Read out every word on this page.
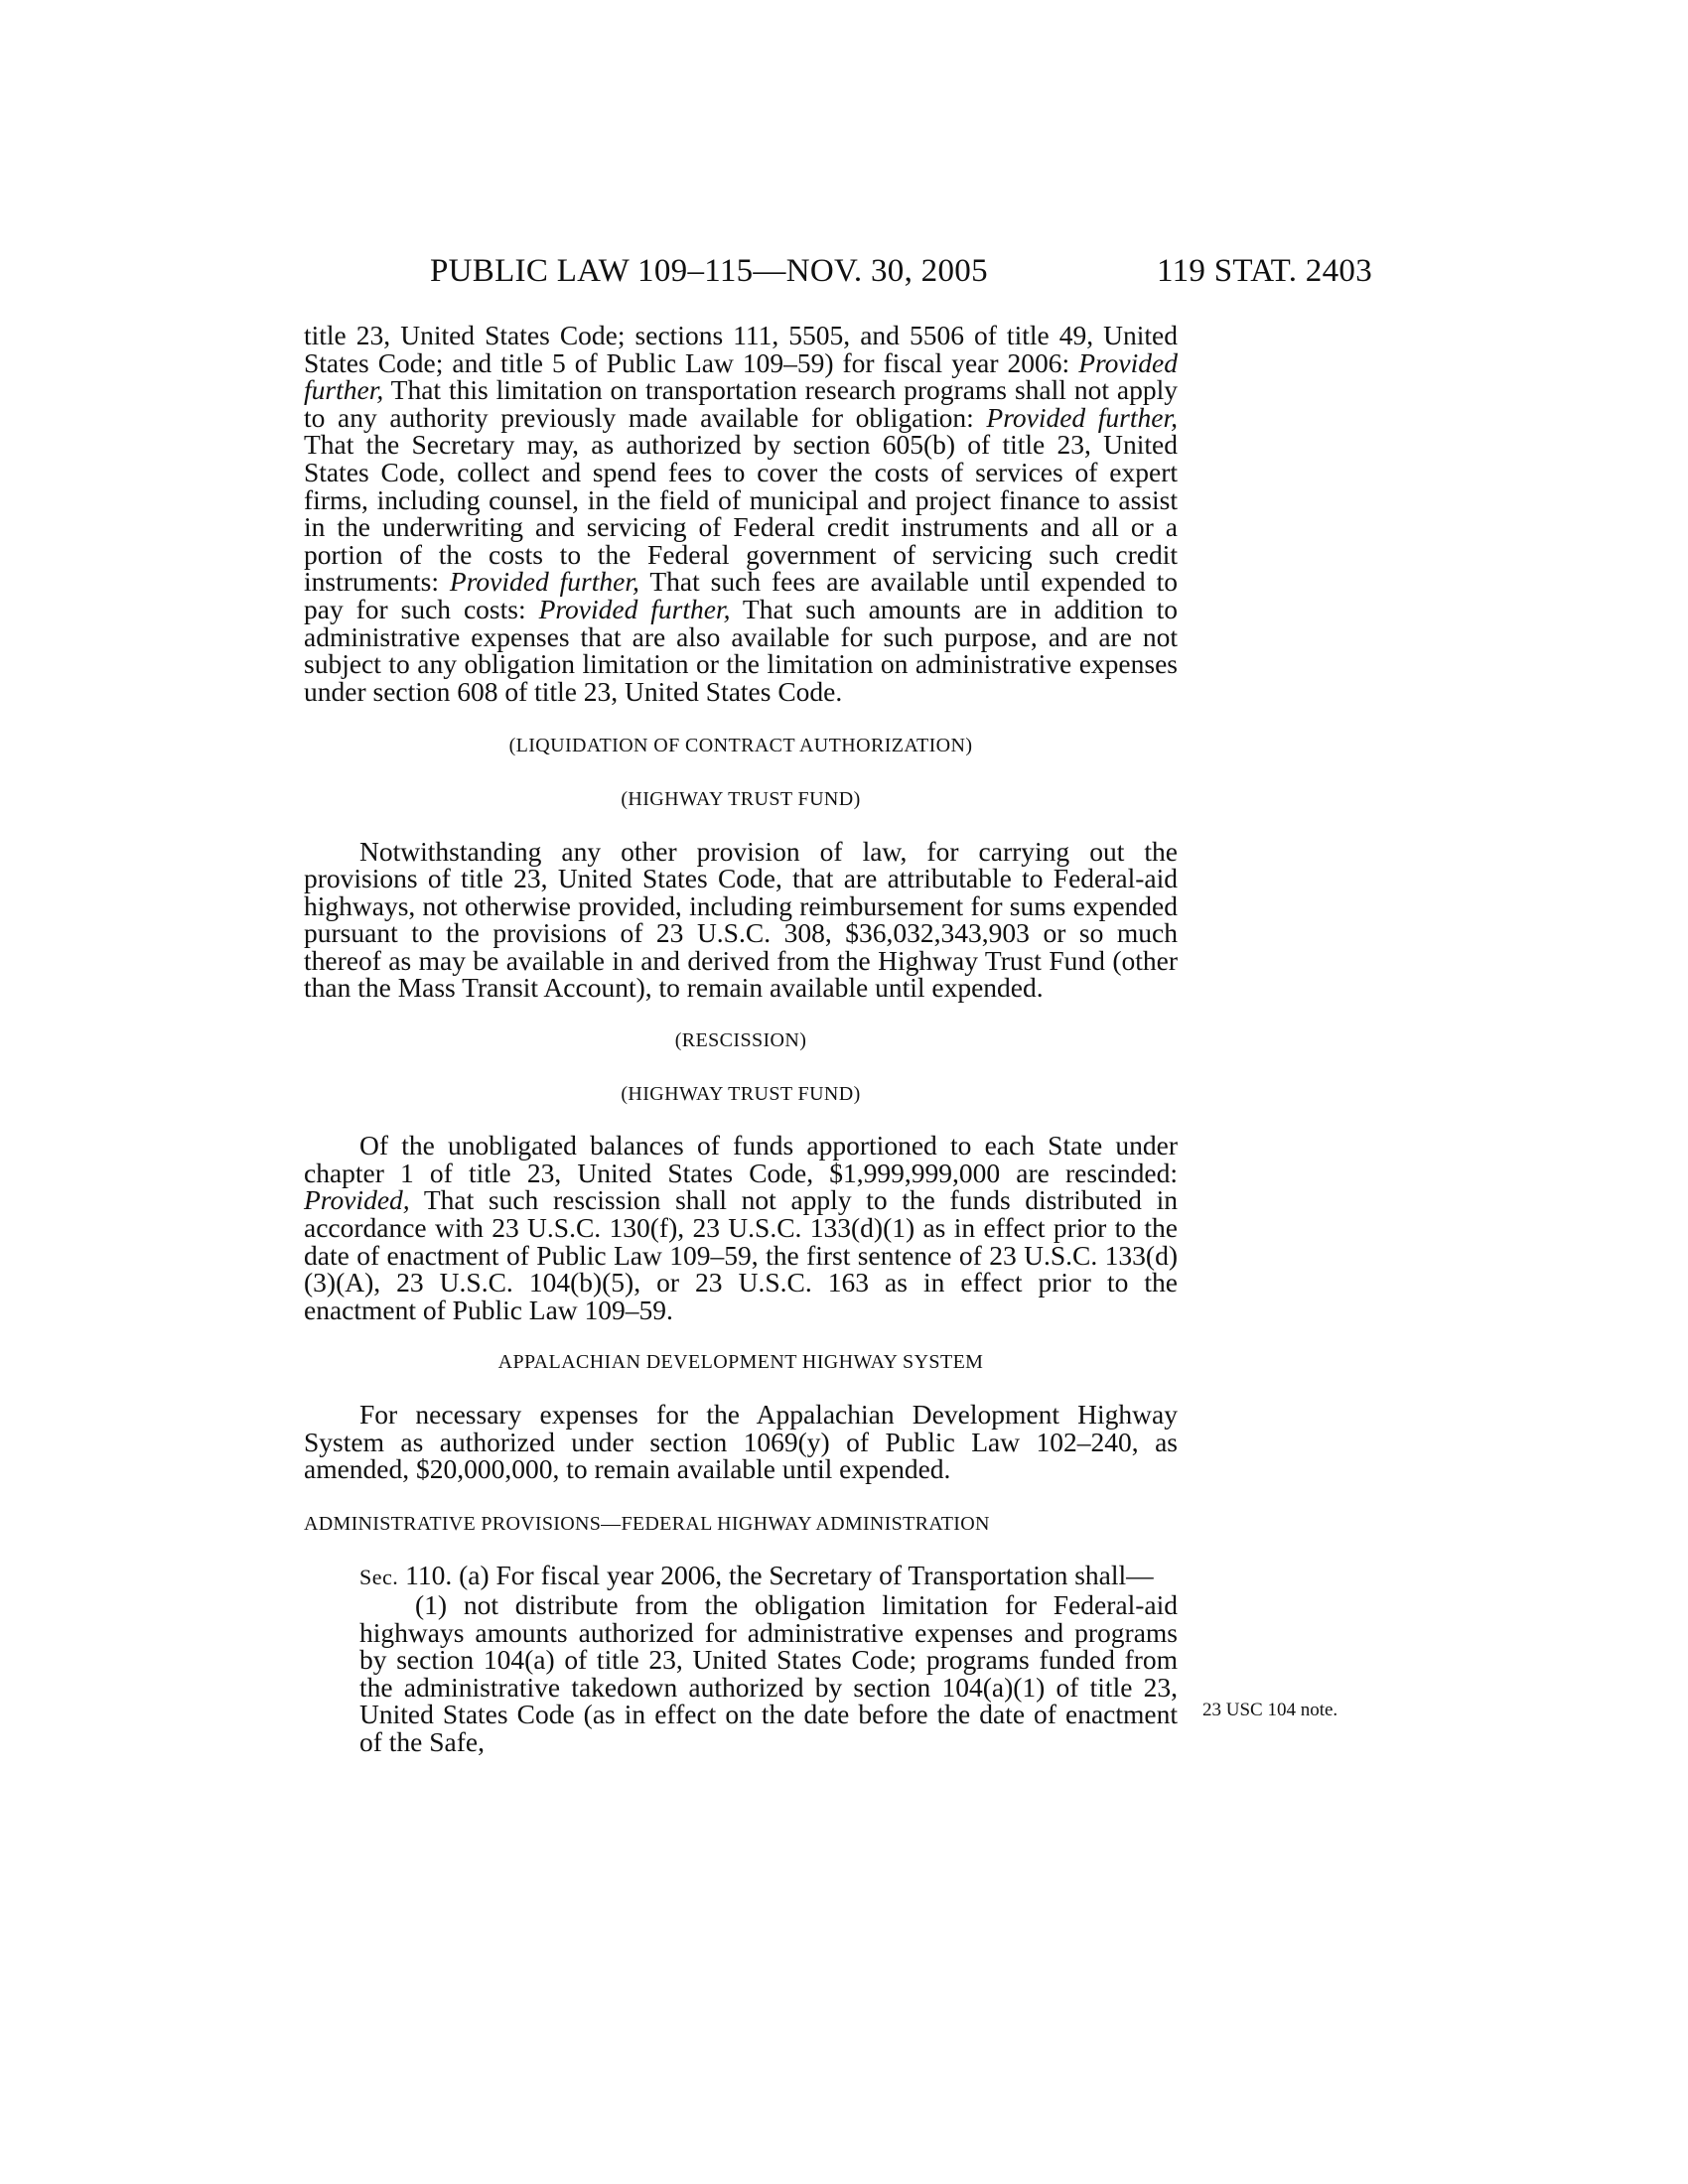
PUBLIC LAW 109–115—NOV. 30, 2005	119 STAT. 2403

title 23, United States Code; sections 111, 5505, and 5506 of title 49, United States Code; and title 5 of Public Law 109–59) for fiscal year 2006: Provided further, That this limitation on transportation research programs shall not apply to any authority previously made available for obligation: Provided further, That the Secretary may, as authorized by section 605(b) of title 23, United States Code, collect and spend fees to cover the costs of services of expert firms, including counsel, in the field of municipal and project finance to assist in the underwriting and servicing of Federal credit instruments and all or a portion of the costs to the Federal government of servicing such credit instruments: Provided further, That such fees are available until expended to pay for such costs: Provided further, That such amounts are in addition to administrative expenses that are also available for such purpose, and are not subject to any obligation limitation or the limitation on administrative expenses under section 608 of title 23, United States Code.

(LIQUIDATION OF CONTRACT AUTHORIZATION)

(HIGHWAY TRUST FUND)

Notwithstanding any other provision of law, for carrying out the provisions of title 23, United States Code, that are attributable to Federal-aid highways, not otherwise provided, including reimbursement for sums expended pursuant to the provisions of 23 U.S.C. 308, $36,032,343,903 or so much thereof as may be available in and derived from the Highway Trust Fund (other than the Mass Transit Account), to remain available until expended.

(RESCISSION)

(HIGHWAY TRUST FUND)

Of the unobligated balances of funds apportioned to each State under chapter 1 of title 23, United States Code, $1,999,999,000 are rescinded: Provided, That such rescission shall not apply to the funds distributed in accordance with 23 U.S.C. 130(f), 23 U.S.C. 133(d)(1) as in effect prior to the date of enactment of Public Law 109–59, the first sentence of 23 U.S.C. 133(d)(3)(A), 23 U.S.C. 104(b)(5), or 23 U.S.C. 163 as in effect prior to the enactment of Public Law 109–59.

APPALACHIAN DEVELOPMENT HIGHWAY SYSTEM

For necessary expenses for the Appalachian Development Highway System as authorized under section 1069(y) of Public Law 102–240, as amended, $20,000,000, to remain available until expended.

ADMINISTRATIVE PROVISIONS—FEDERAL HIGHWAY ADMINISTRATION

Sec. 110. (a) For fiscal year 2006, the Secretary of Transportation shall—

(1) not distribute from the obligation limitation for Federal-aid highways amounts authorized for administrative expenses and programs by section 104(a) of title 23, United States Code; programs funded from the administrative takedown authorized by section 104(a)(1) of title 23, United States Code (as in effect on the date before the date of enactment of the Safe,

23 USC 104 note.
